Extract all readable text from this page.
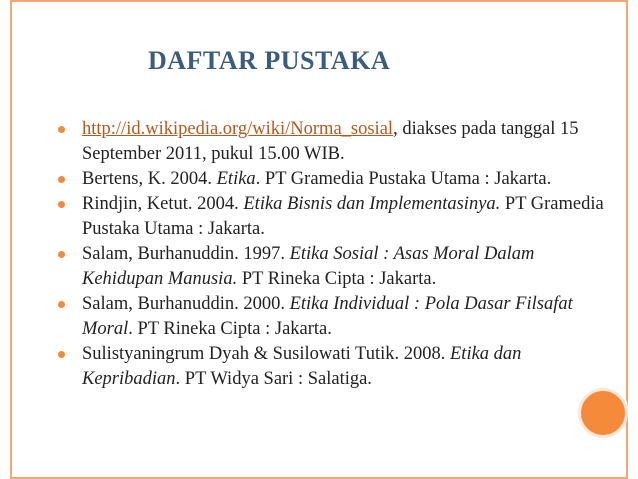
DAFTAR PUSTAKA
http://id.wikipedia.org/wiki/Norma_sosial, diakses pada tanggal 15 September 2011, pukul 15.00 WIB.
Bertens, K. 2004. Etika. PT Gramedia Pustaka Utama : Jakarta.
Rindjin, Ketut. 2004. Etika Bisnis dan Implementasinya. PT Gramedia Pustaka Utama : Jakarta.
Salam, Burhanuddin. 1997. Etika Sosial : Asas Moral Dalam Kehidupan Manusia. PT Rineka Cipta : Jakarta.
Salam, Burhanuddin. 2000. Etika Individual : Pola Dasar Filsafat Moral. PT Rineka Cipta : Jakarta.
Sulistyaningrum Dyah & Susilowati Tutik. 2008. Etika dan Kepribadian. PT Widya Sari : Salatiga.
